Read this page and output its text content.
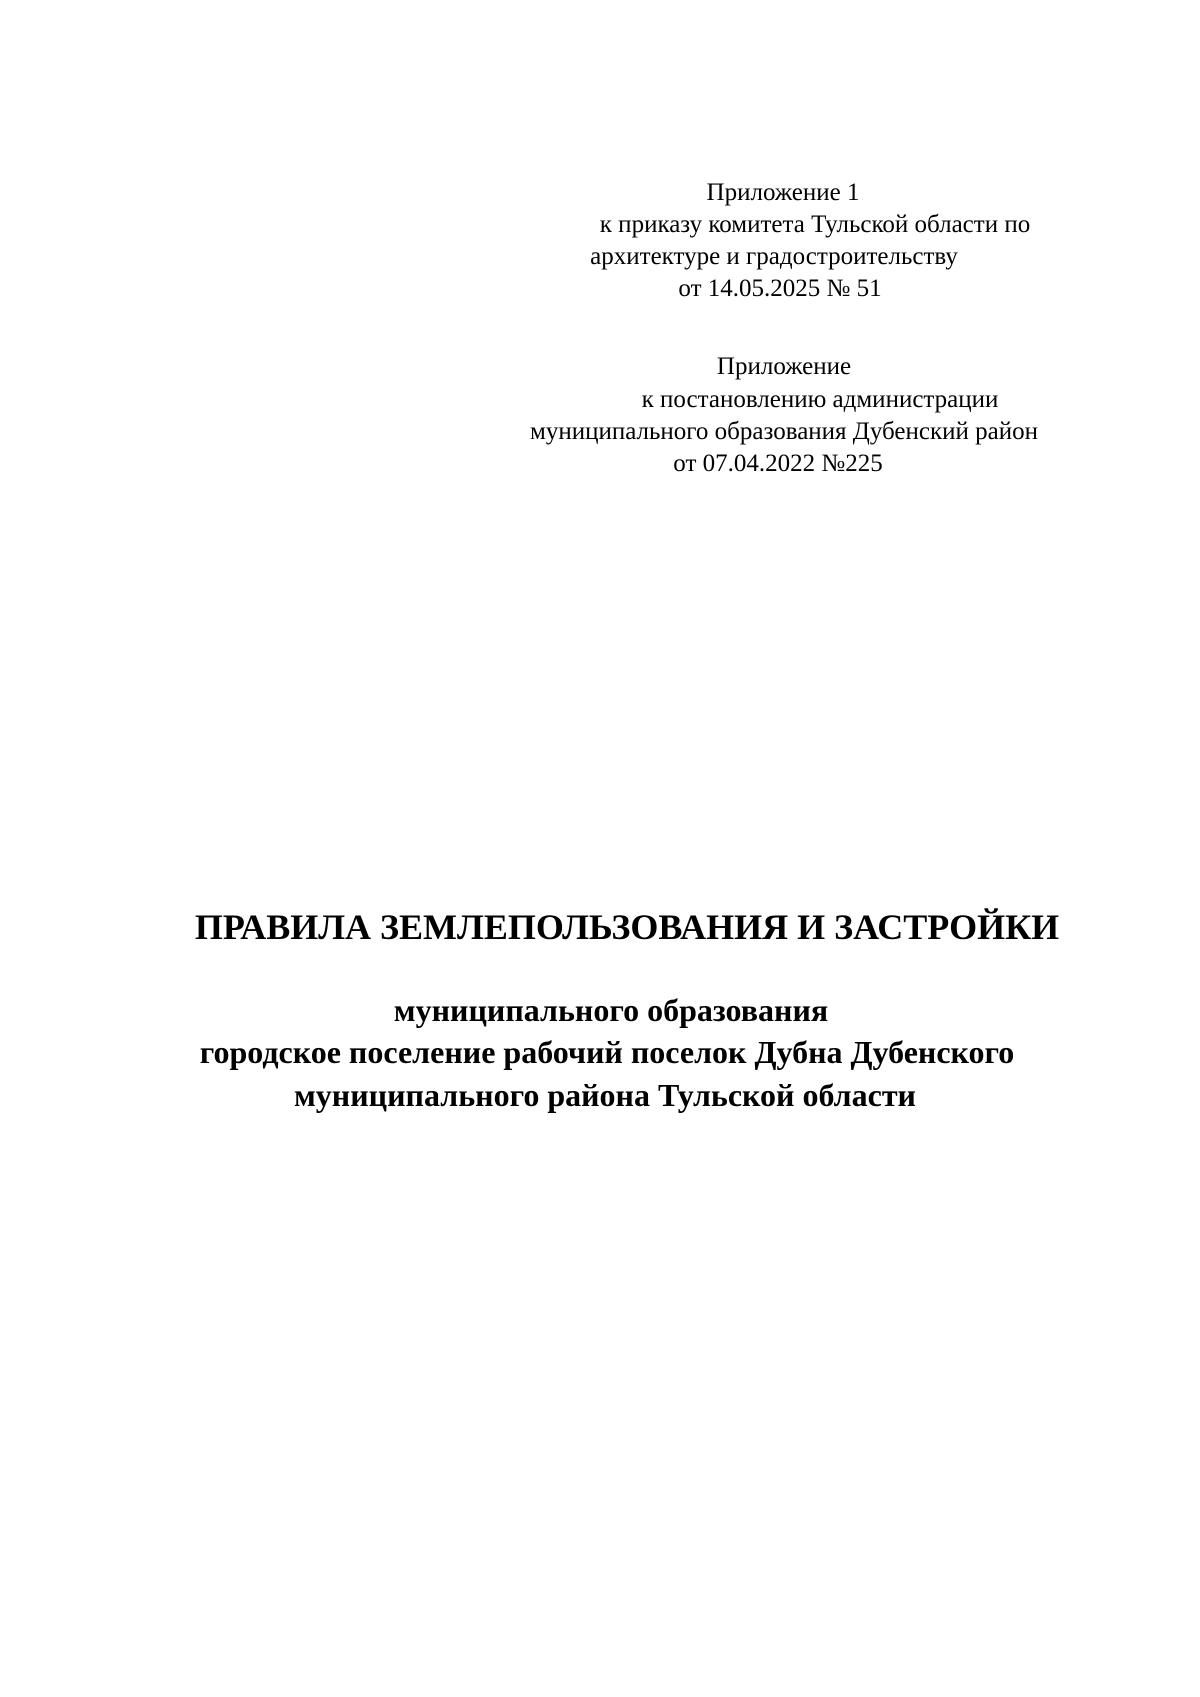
Приложение 1
к приказу комитета Тульской области по
архитектуре и градостроительству
от 14.05.2025 № 51
Приложение
к постановлению администрации
муниципального образования Дубенский район
от 07.04.2022 №225
ПРАВИЛА ЗЕМЛЕПОЛЬЗОВАНИЯ И ЗАСТРОЙКИ
муниципального образования
городское поселение рабочий поселок Дубна Дубенского
муниципального района Тульской области
